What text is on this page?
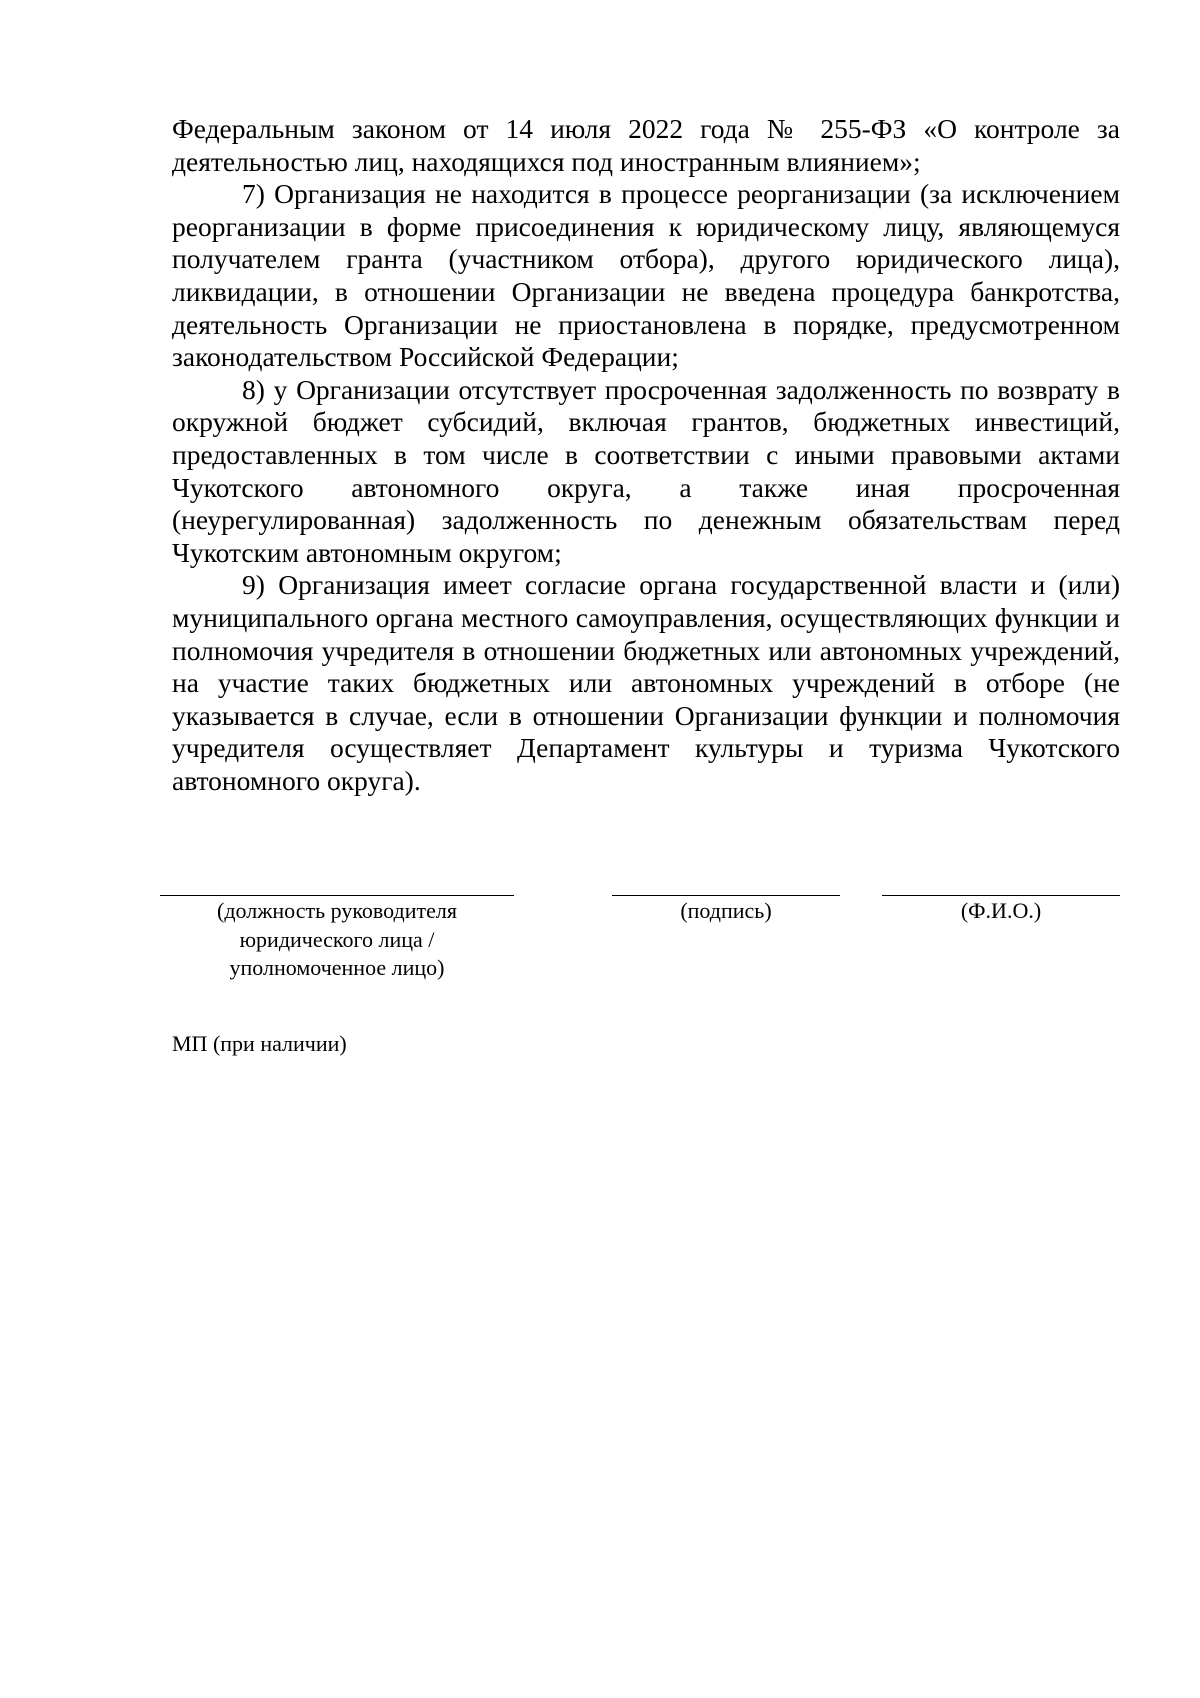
Федеральным законом от 14 июля 2022 года № 255-ФЗ «О контроле за деятельностью лиц, находящихся под иностранным влиянием»;

7) Организация не находится в процессе реорганизации (за исключением реорганизации в форме присоединения к юридическому лицу, являющемуся получателем гранта (участником отбора), другого юридического лица), ликвидации, в отношении Организации не введена процедура банкротства, деятельность Организации не приостановлена в порядке, предусмотренном законодательством Российской Федерации;

8) у Организации отсутствует просроченная задолженность по возврату в окружной бюджет субсидий, включая грантов, бюджетных инвестиций, предоставленных в том числе в соответствии с иными правовыми актами Чукотского автономного округа, а также иная просроченная (неурегулированная) задолженность по денежным обязательствам перед Чукотским автономным округом;

9) Организация имеет согласие органа государственной власти и (или) муниципального органа местного самоуправления, осуществляющих функции и полномочия учредителя в отношении бюджетных или автономных учреждений, на участие таких бюджетных или автономных учреждений в отборе (не указывается в случае, если в отношении Организации функции и полномочия учредителя осуществляет Департамент культуры и туризма Чукотского автономного округа).

(должность руководителя
юридического лица /
уполномоченное лицо)

(подпись)	(Ф.И.О.)

МП (при наличии)
